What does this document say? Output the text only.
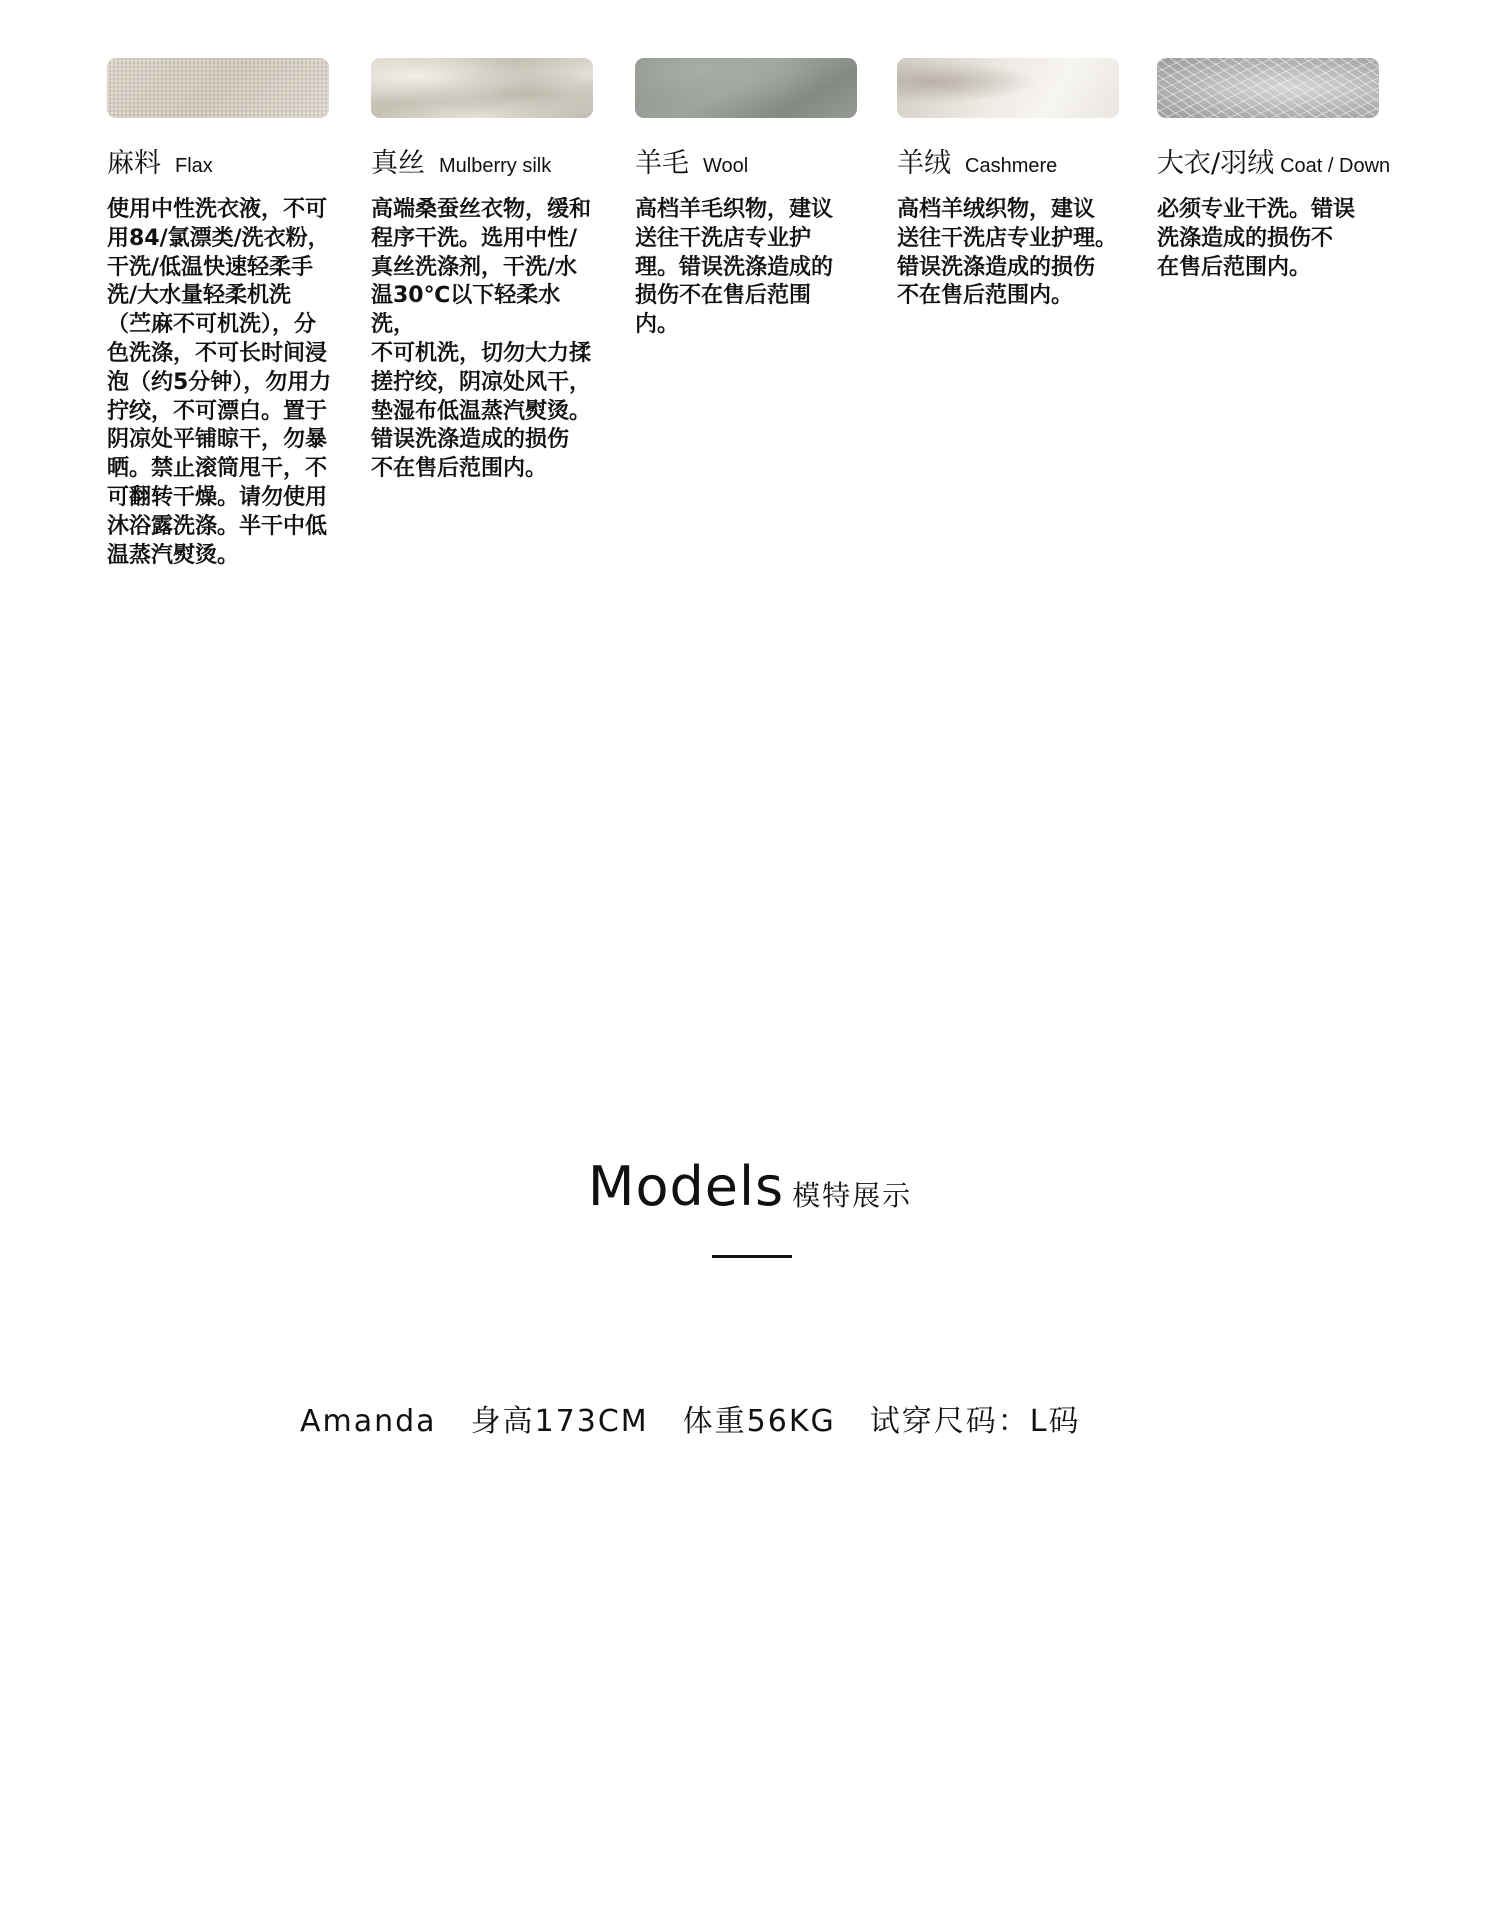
麻料 Flax
使用中性洗衣液，不可
用84/氯漂类/洗衣粉，
干洗/低温快速轻柔手
洗/大水量轻柔机洗
（苎麻不可机洗），分
色洗涤，不可长时间浸
泡（约5分钟），勿用力
拧绞，不可漂白。置于
阴凉处平铺晾干，勿暴
晒。禁止滚筒甩干，不
可翻转干燥。请勿使用
沐浴露洗涤。半干中低
温蒸汽熨烫。
真丝 Mulberry silk
高端桑蚕丝衣物，缓和
程序干洗。选用中性/
真丝洗涤剂，干洗/水
温30℃以下轻柔水洗，
不可机洗，切勿大力揉
搓拧绞，阴凉处风干，
垫湿布低温蒸汽熨烫。
错误洗涤造成的损伤
不在售后范围内。
羊毛 Wool
高档羊毛织物，建议
送往干洗店专业护
理。错误洗涤造成的
损伤不在售后范围
内。
羊绒 Cashmere
高档羊绒织物，建议
送往干洗店专业护理。
错误洗涤造成的损伤
不在售后范围内。
大衣/羽绒 Coat / Down
必须专业干洗。错误
洗涤造成的损伤不
在售后范围内。
Models 模特展示
Amanda 身高173CM 体重56KG 试穿尺码：L码
